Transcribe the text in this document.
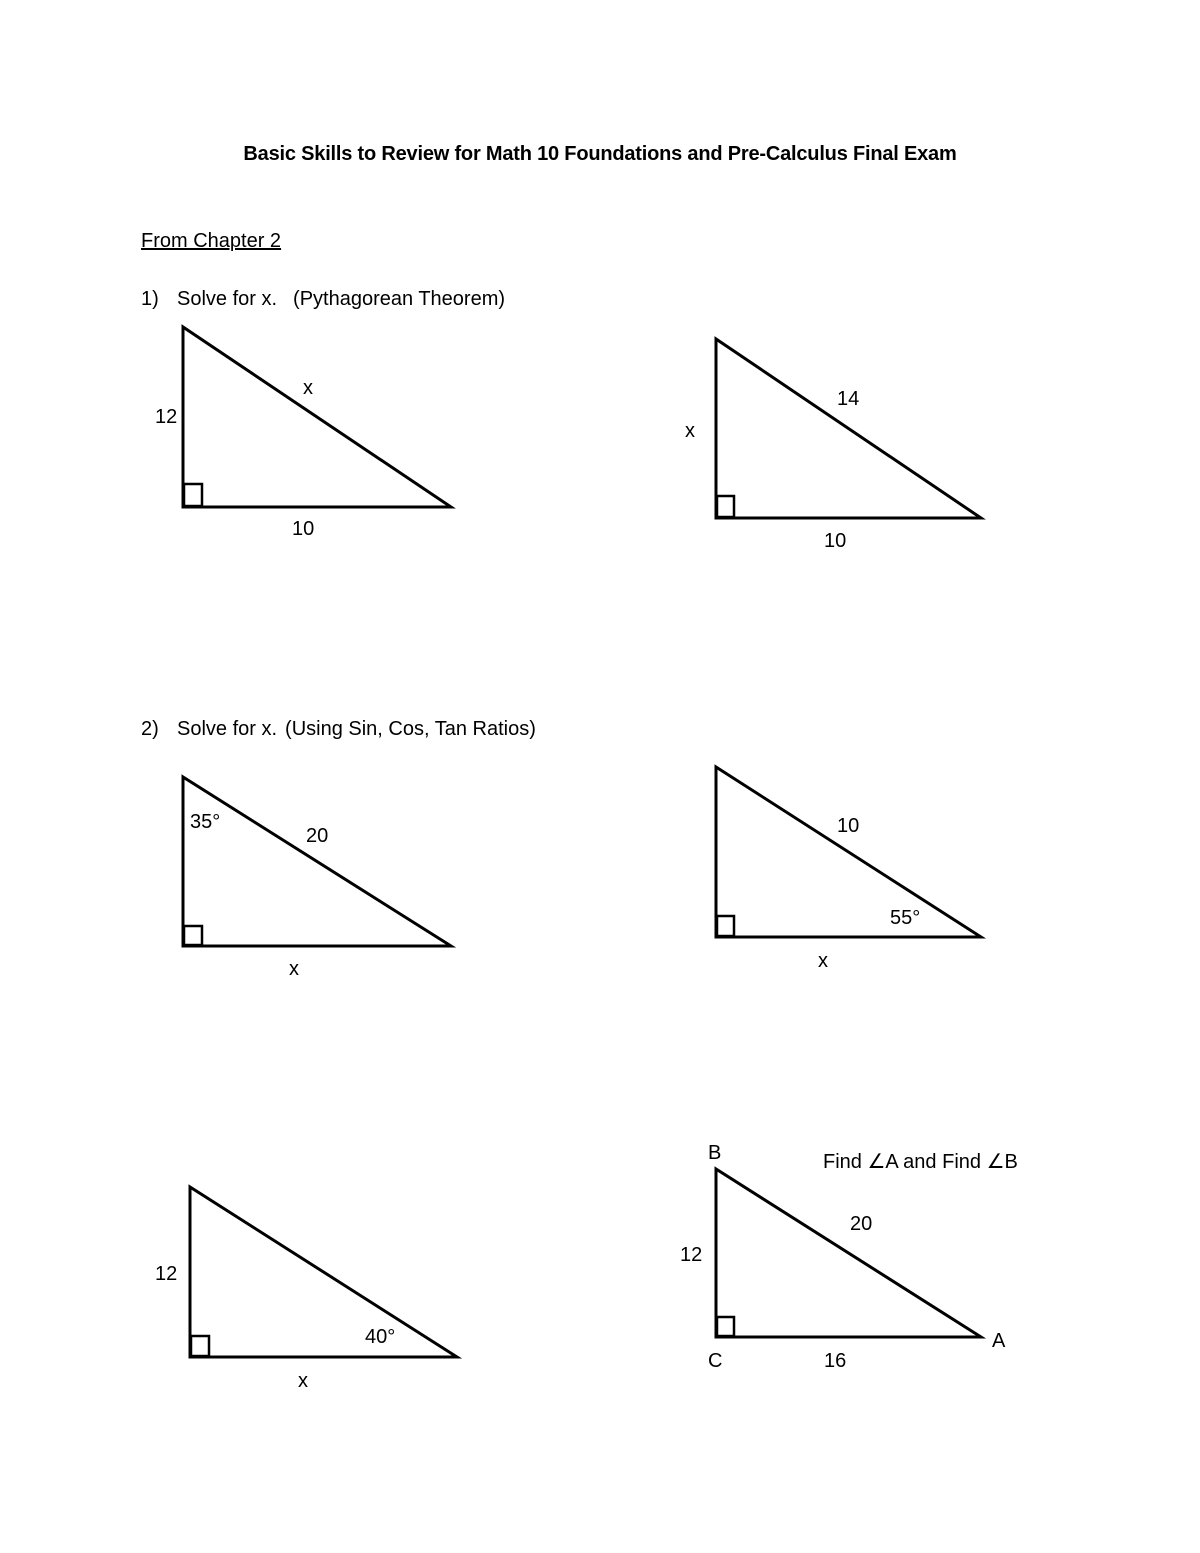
Basic Skills to Review for Math 10 Foundations and Pre-Calculus Final Exam
From Chapter 2
1) Solve for x. (Pythagorean Theorem)
2) Solve for x. (Using Sin, Cos, Tan Ratios)
12
x
10
x
14
10
35°
20
x
10
55°
x
12
40°
x
B	Find ∠A and Find ∠B
20
12
A
C	16
